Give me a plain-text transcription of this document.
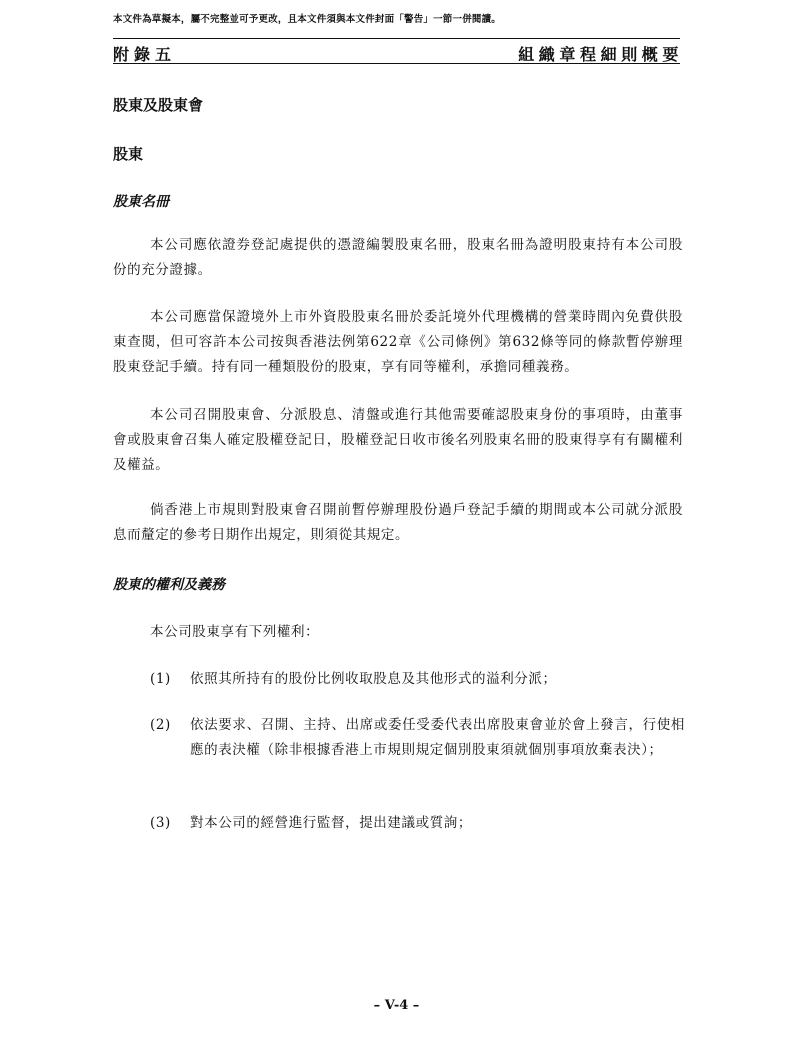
本文件為草擬本，屬不完整並可予更改，且本文件須與本文件封面「警告」一節一併閱讀。
附錄五	組織章程細則概要
股東及股東會
股東
股東名冊
本公司應依證券登記處提供的憑證編製股東名冊，股東名冊為證明股東持有本公司股份的充分證據。
本公司應當保證境外上市外資股股東名冊於委託境外代理機構的營業時間內免費供股東查閱，但可容許本公司按與香港法例第622章《公司條例》第632條等同的條款暫停辦理股東登記手續。持有同一種類股份的股東，享有同等權利，承擔同種義務。
本公司召開股東會、分派股息、清盤或進行其他需要確認股東身份的事項時，由董事會或股東會召集人確定股權登記日，股權登記日收市後名列股東名冊的股東得享有有關權利及權益。
倘香港上市規則對股東會召開前暫停辦理股份過戶登記手續的期間或本公司就分派股息而釐定的參考日期作出規定，則須從其規定。
股東的權利及義務
本公司股東享有下列權利：
(1) 依照其所持有的股份比例收取股息及其他形式的溢利分派；
(2) 依法要求、召開、主持、出席或委任受委代表出席股東會並於會上發言，行使相應的表決權（除非根據香港上市規則規定個別股東須就個別事項放棄表決）；
(3) 對本公司的經營進行監督，提出建議或質詢；
– V-4 –
